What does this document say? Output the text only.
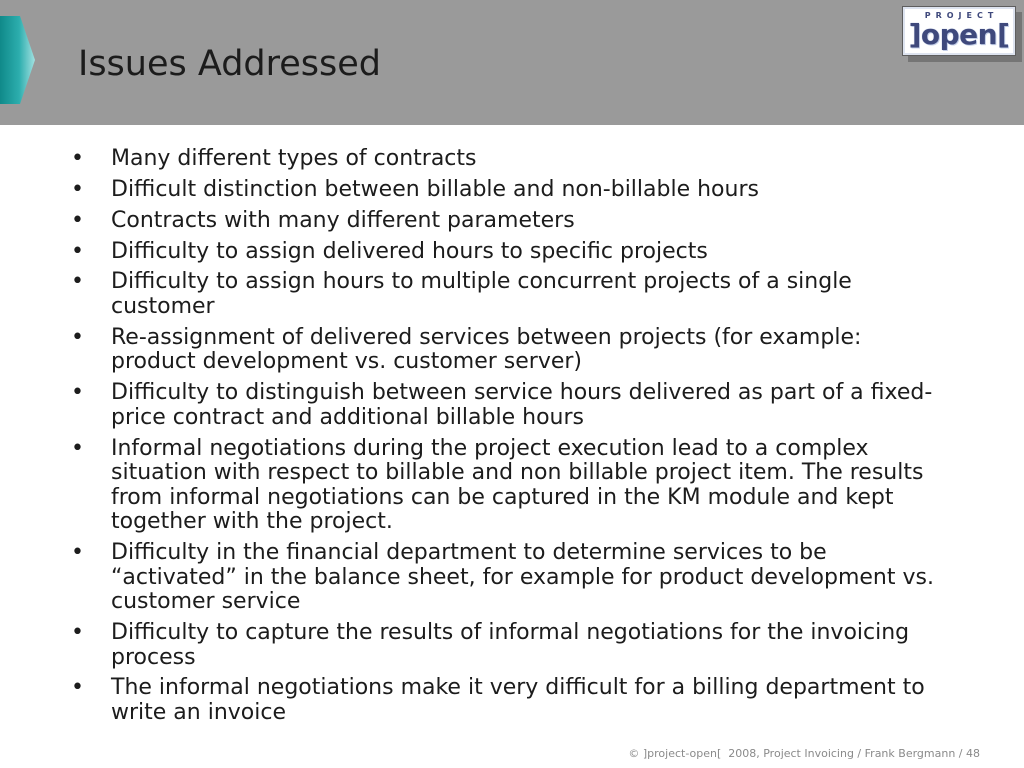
Issues Addressed
PROJECT
]open[
•	Many different types of contracts
•	Difficult distinction between billable and non-billable hours
•	Contracts with many different parameters
•	Difficulty to assign delivered hours to specific projects
•	Difficulty to assign hours to multiple concurrent projects of a single
customer
•	Re-assignment of delivered services between projects (for example:
product development vs. customer server)
•	Difficulty to distinguish between service hours delivered as part of a fixed-
price contract and additional billable hours
•	Informal negotiations during the project execution lead to a complex
situation with respect to billable and non billable project item. The results
from informal negotiations can be captured in the KM module and kept
together with the project.
•	Difficulty in the financial department to determine services to be
“activated” in the balance sheet, for example for product development vs.
customer service
•	Difficulty to capture the results of informal negotiations for the invoicing
process
•	The informal negotiations make it very difficult for a billing department to
write an invoice
© ]project-open[  2008, Project Invoicing / Frank Bergmann / 48
